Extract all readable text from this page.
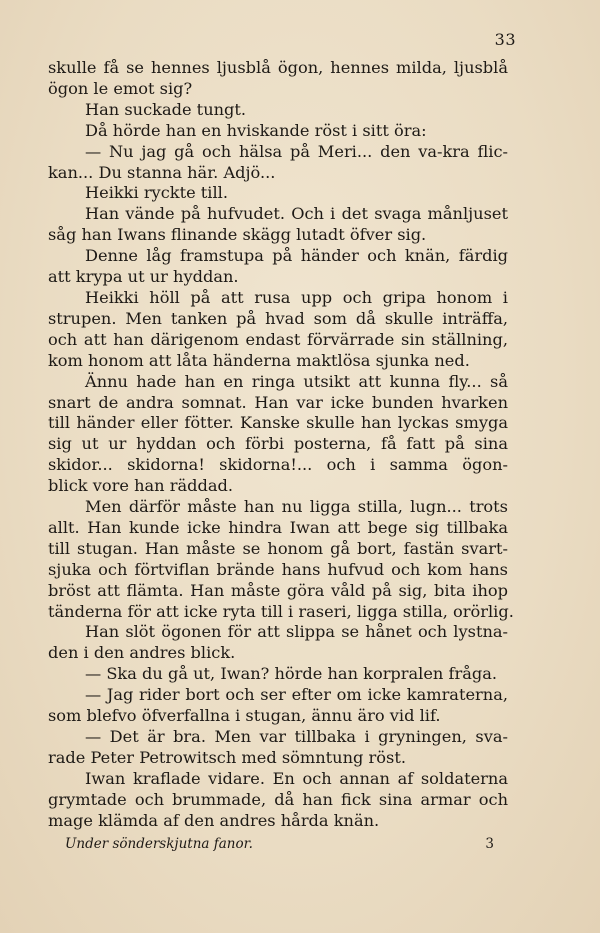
33
skulle få se hennes ljusblå ögon, hennes milda, ljusblå
ögon le emot sig?
Han suckade tungt.
Då hörde han en hviskande röst i sitt öra:
— Nu jag gå och hälsa på Meri... den va-kra flic-
kan... Du stanna här. Adjö...
Heikki ryckte till.
Han vände på hufvudet. Och i det svaga månljuset
såg han Iwans flinande skägg lutadt öfver sig.
Denne låg framstupa på händer och knän, färdig
att krypa ut ur hyddan.
Heikki höll på att rusa upp och gripa honom i
strupen. Men tanken på hvad som då skulle inträffa,
och att han därigenom endast förvärrade sin ställning,
kom honom att låta händerna maktlösa sjunka ned.
Ännu hade han en ringa utsikt att kunna fly... så
snart de andra somnat. Han var icke bunden hvarken
till händer eller fötter. Kanske skulle han lyckas smyga
sig ut ur hyddan och förbi posterna, få fatt på sina
skidor... skidorna! skidorna!... och i samma ögon-
blick vore han räddad.
Men därför måste han nu ligga stilla, lugn... trots
allt. Han kunde icke hindra Iwan att bege sig tillbaka
till stugan. Han måste se honom gå bort, fastän svart-
sjuka och förtviflan brände hans hufvud och kom hans
bröst att flämta. Han måste göra våld på sig, bita ihop
tänderna för att icke ryta till i raseri, ligga stilla, orörlig.
Han slöt ögonen för att slippa se hånet och lystna-
den i den andres blick.
— Ska du gå ut, Iwan? hörde han korpralen fråga.
— Jag rider bort och ser efter om icke kamraterna,
som blefvo öfverfallna i stugan, ännu äro vid lif.
— Det är bra. Men var tillbaka i gryningen, sva-
rade Peter Petrowitsch med sömntung röst.
Iwan kraflade vidare. En och annan af soldaterna
grymtade och brummade, då han fick sina armar och
mage klämda af den andres hårda knän.
Under sönderskjutna fanor.	3
